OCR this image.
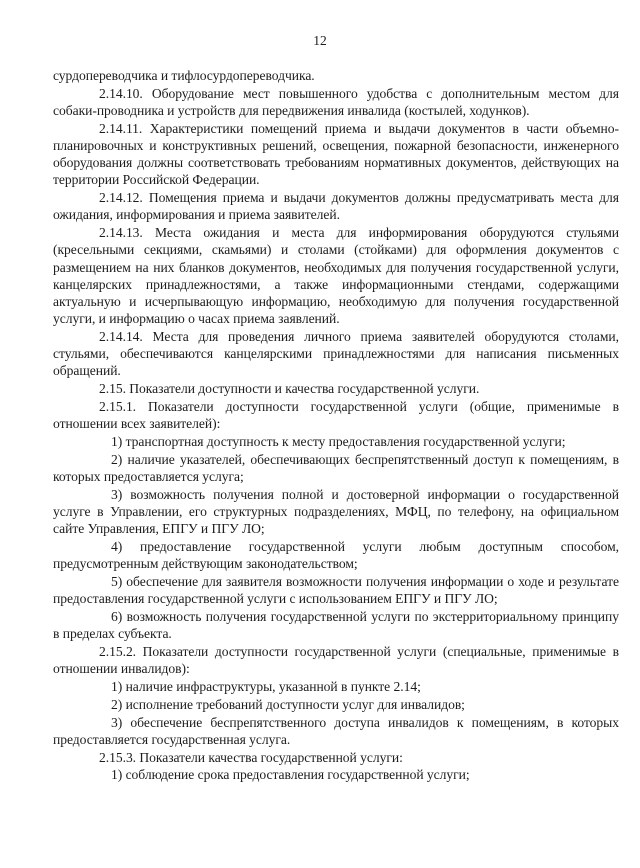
12

сурдопереводчика и тифлосурдопереводчика.

2.14.10. Оборудование мест повышенного удобства с дополнительным местом для собаки-проводника и устройств для передвижения инвалида (костылей, ходунков).

2.14.11. Характеристики помещений приема и выдачи документов в части объемно-планировочных и конструктивных решений, освещения, пожарной безопасности, инженерного оборудования должны соответствовать требованиям нормативных документов, действующих на территории Российской Федерации.

2.14.12. Помещения приема и выдачи документов должны предусматривать места для ожидания, информирования и приема заявителей.

2.14.13. Места ожидания и места для информирования оборудуются стульями (кресельными секциями, скамьями) и столами (стойками) для оформления документов с размещением на них бланков документов, необходимых для получения государственной услуги, канцелярских принадлежностями, а также информационными стендами, содержащими актуальную и исчерпывающую информацию, необходимую для получения государственной услуги, и информацию о часах приема заявлений.

2.14.14. Места для проведения личного приема заявителей оборудуются столами, стульями, обеспечиваются канцелярскими принадлежностями для написания письменных обращений.

2.15. Показатели доступности и качества государственной услуги.

2.15.1. Показатели доступности государственной услуги (общие, применимые в отношении всех заявителей):

1) транспортная доступность к месту предоставления государственной услуги;

2) наличие указателей, обеспечивающих беспрепятственный доступ к помещениям, в которых предоставляется услуга;

3) возможность получения полной и достоверной информации о государственной услуге в Управлении, его структурных подразделениях, МФЦ, по телефону, на официальном сайте Управления, ЕПГУ и ПГУ ЛО;

4) предоставление государственной услуги любым доступным способом, предусмотренным действующим законодательством;

5) обеспечение для заявителя возможности получения информации о ходе и результате предоставления государственной услуги с использованием ЕПГУ и ПГУ ЛО;

6) возможность получения государственной услуги по экстерриториальному принципу в пределах субъекта.

2.15.2. Показатели доступности государственной услуги (специальные, применимые в отношении инвалидов):

1) наличие инфраструктуры, указанной в пункте 2.14;

2) исполнение требований доступности услуг для инвалидов;

3) обеспечение беспрепятственного доступа инвалидов к помещениям, в которых предоставляется государственная услуга.

2.15.3. Показатели качества государственной услуги:

1) соблюдение срока предоставления государственной услуги;
